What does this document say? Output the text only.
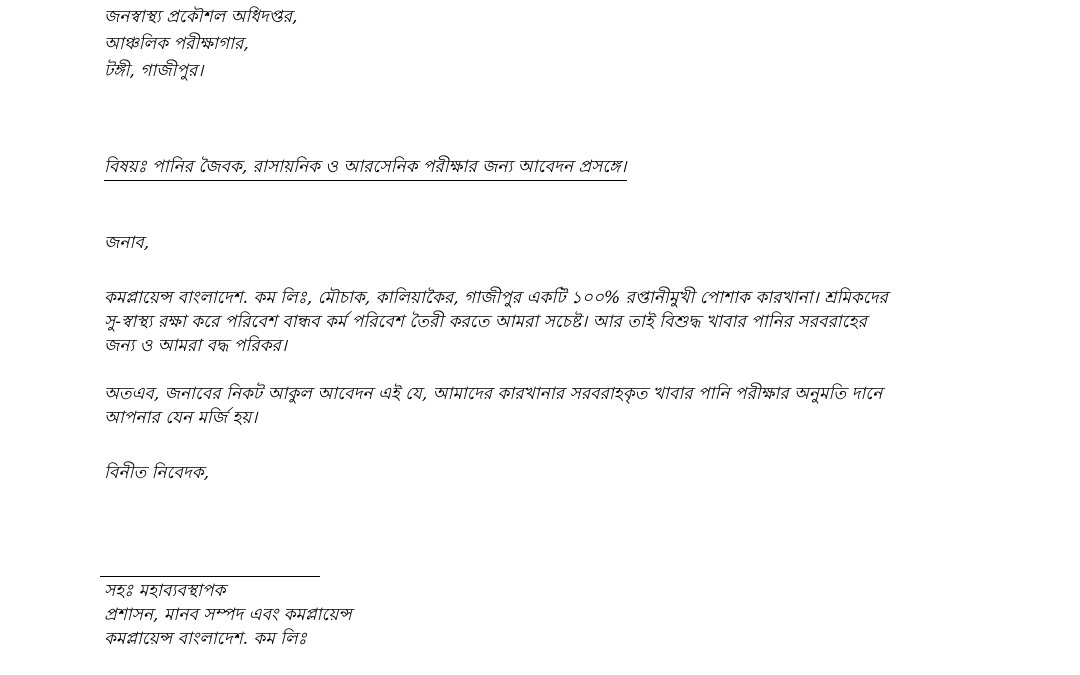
জনস্বাস্থ্য প্রকৌশল অধিদপ্তর,
আঞ্চলিক পরীক্ষাগার,
টঙ্গী, গাজীপুর।
বিষয়ঃ পানির জৈবক, রাসায়নিক ও আরসেনিক পরীক্ষার জন্য আবেদন প্রসঙ্গে।
জনাব,
কমপ্লায়েন্স বাংলাদেশ. কম লিঃ, মৌচাক, কালিয়াকৈর, গাজীপুর একটি ১০০% রপ্তানীমুখী পোশাক কারখানা। শ্রমিকদের
সু-স্বাস্থ্য রক্ষা করে পরিবেশ বান্ধব কর্ম পরিবেশ তৈরী করতে আমরা সচেষ্ট। আর তাই বিশুদ্ধ খাবার পানির সরবরাহের
জন্য ও আমরা বদ্ধ পরিকর।
অতএব, জনাবের নিকট আকুল আবেদন এই যে, আমাদের কারখানার সরবরাহকৃত খাবার পানি পরীক্ষার অনুমতি দানে
আপনার যেন মর্জি হয়।
বিনীত নিবেদক,
সহঃ মহাব্যবস্থাপক
প্রশাসন, মানব সম্পদ এবং কমপ্লায়েন্স
কমপ্লায়েন্স বাংলাদেশ. কম লিঃ
